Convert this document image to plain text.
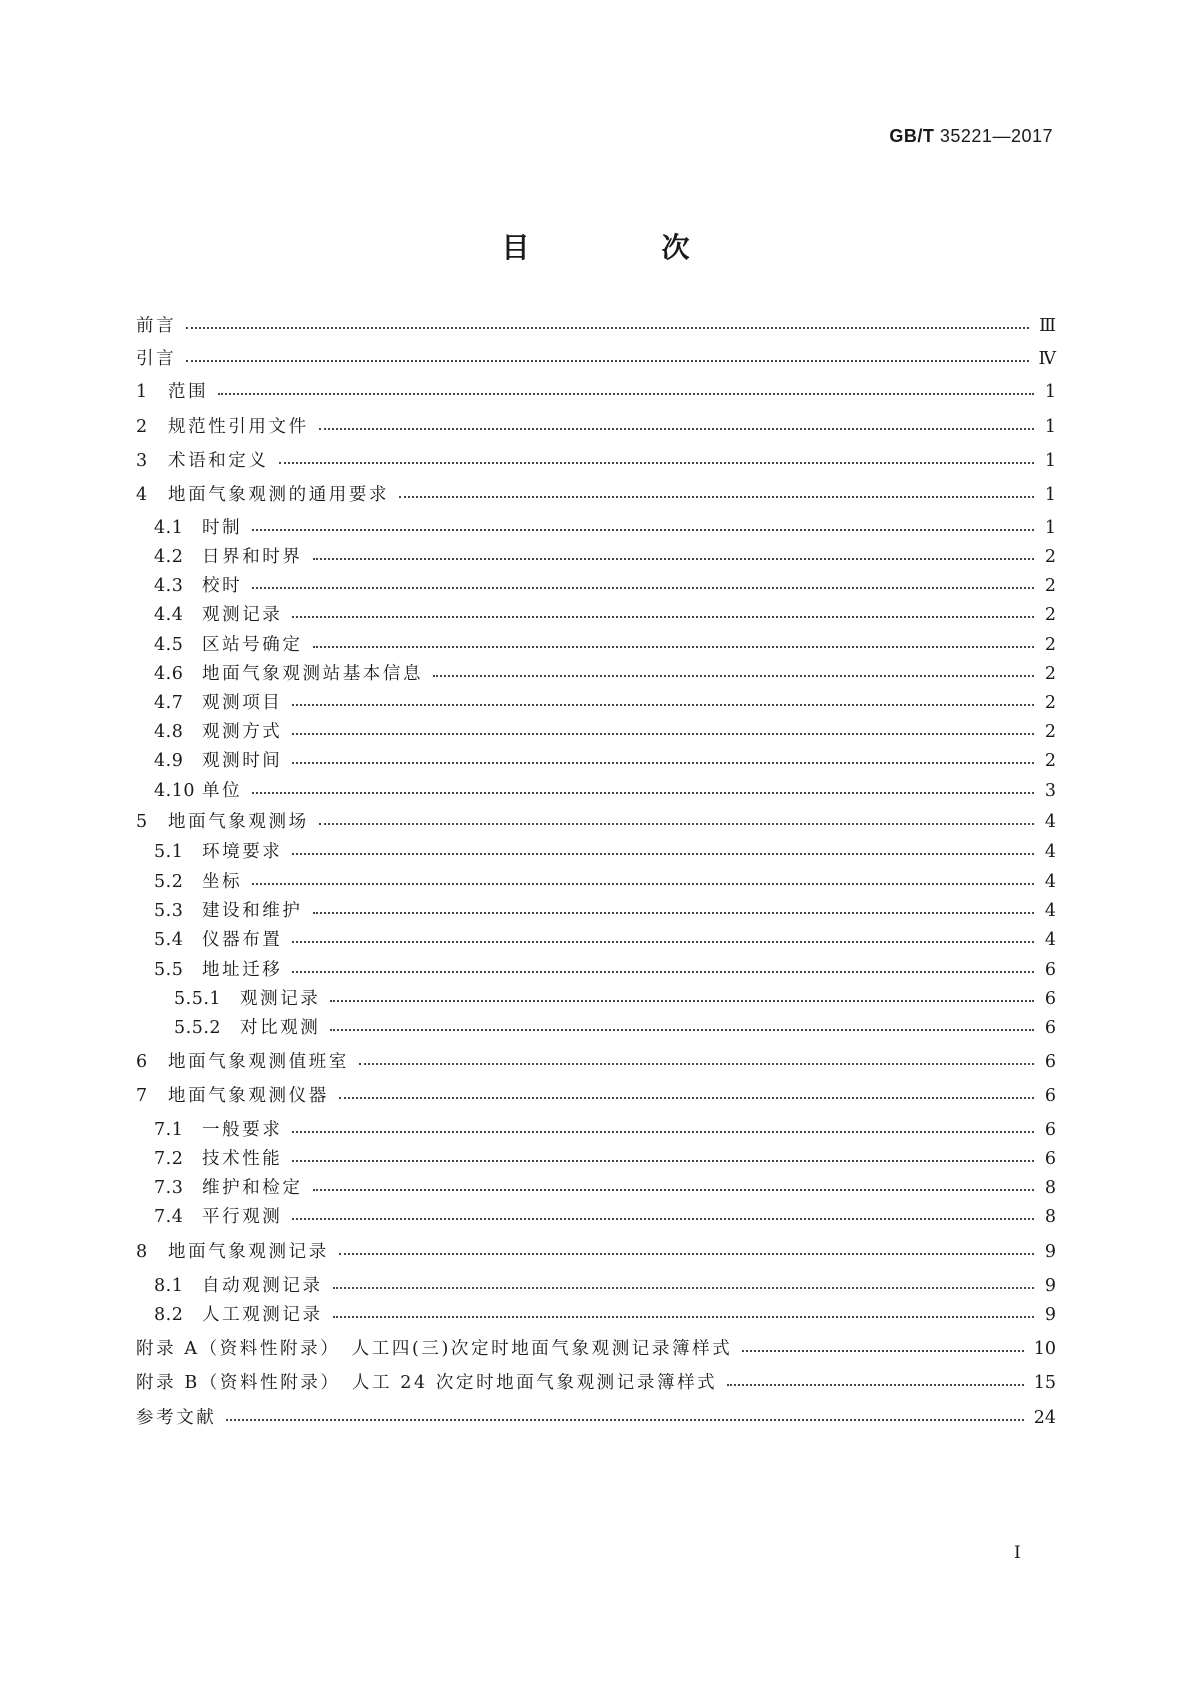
GB/T 35221—2017
目　次
前言	Ⅲ
引言	Ⅳ
1	范围	1
2	规范性引用文件	1
3	术语和定义	1
4	地面气象观测的通用要求	1
4.1	时制	1
4.2	日界和时界	2
4.3	校时	2
4.4	观测记录	2
4.5	区站号确定	2
4.6	地面气象观测站基本信息	2
4.7	观测项目	2
4.8	观测方式	2
4.9	观测时间	2
4.10 单位	3
5	地面气象观测场	4
5.1	环境要求	4
5.2	坐标	4
5.3	建设和维护	4
5.4	仪器布置	4
5.5	地址迁移	6
5.5.1	观测记录	6
5.5.2	对比观测	6
6	地面气象观测值班室	6
7	地面气象观测仪器	6
7.1	一般要求	6
7.2	技术性能	6
7.3	维护和检定	8
7.4	平行观测	8
8	地面气象观测记录	9
8.1	自动观测记录	9
8.2	人工观测记录	9
附录 A（资料性附录）　人工四(三)次定时地面气象观测记录簿样式	10
附录 B（资料性附录）　人工 24 次定时地面气象观测记录簿样式	15
参考文献	24
Ⅰ
